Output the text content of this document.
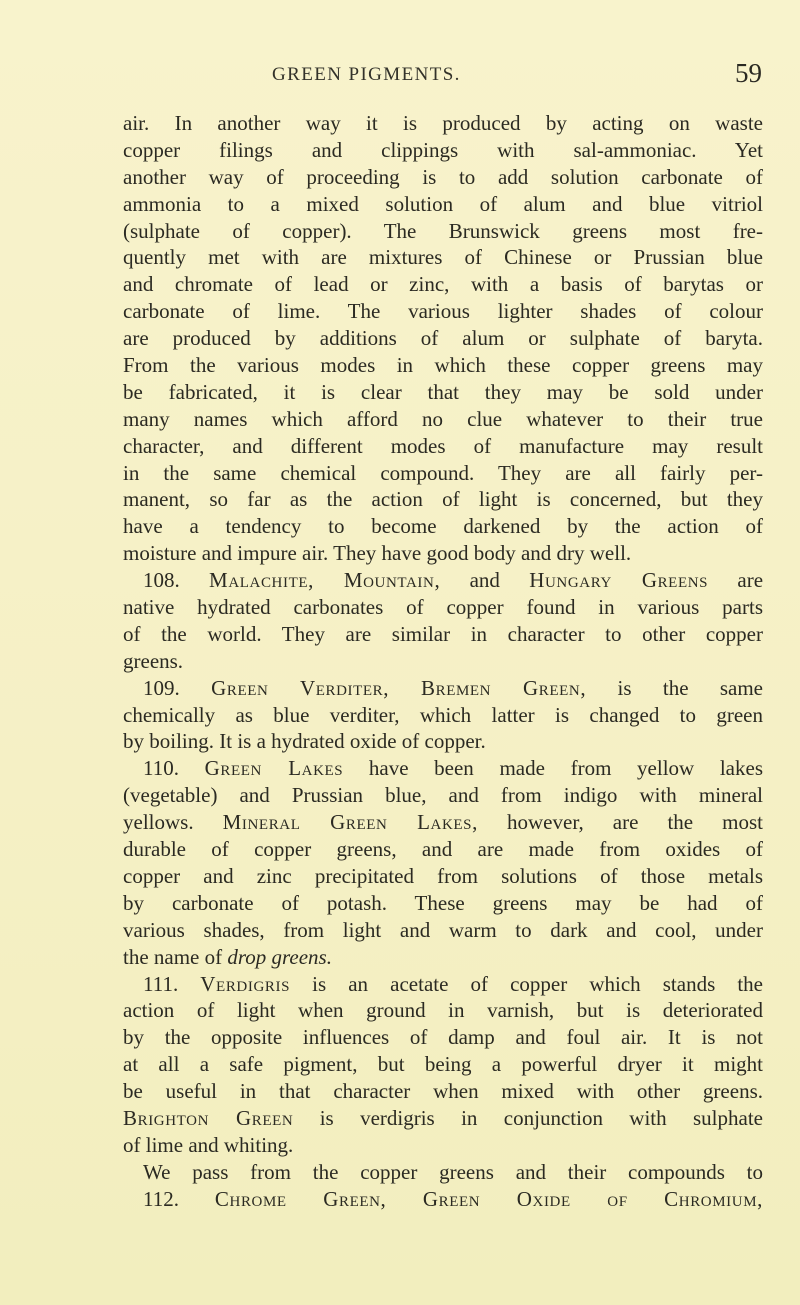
GREEN PIGMENTS.	59
air. In another way it is produced by acting on waste
copper filings and clippings with sal-ammoniac. Yet
another way of proceeding is to add solution carbonate of
ammonia to a mixed solution of alum and blue vitriol
(sulphate of copper). The Brunswick greens most fre-
quently met with are mixtures of Chinese or Prussian blue
and chromate of lead or zinc, with a basis of barytas or
carbonate of lime. The various lighter shades of colour
are produced by additions of alum or sulphate of baryta.
From the various modes in which these copper greens may
be fabricated, it is clear that they may be sold under
many names which afford no clue whatever to their true
character, and different modes of manufacture may result
in the same chemical compound. They are all fairly per-
manent, so far as the action of light is concerned, but they
have a tendency to become darkened by the action of
moisture and impure air. They have good body and dry well.
108. Malachite, Mountain, and Hungary Greens are
native hydrated carbonates of copper found in various parts
of the world. They are similar in character to other copper
greens.
109. Green Verditer, Bremen Green, is the same
chemically as blue verditer, which latter is changed to green
by boiling. It is a hydrated oxide of copper.
110. Green Lakes have been made from yellow lakes
(vegetable) and Prussian blue, and from indigo with mineral
yellows. Mineral Green Lakes, however, are the most
durable of copper greens, and are made from oxides of
copper and zinc precipitated from solutions of those metals
by carbonate of potash. These greens may be had of
various shades, from light and warm to dark and cool, under
the name of drop greens.
111. Verdigris is an acetate of copper which stands the
action of light when ground in varnish, but is deteriorated
by the opposite influences of damp and foul air. It is not
at all a safe pigment, but being a powerful dryer it might
be useful in that character when mixed with other greens.
Brighton Green is verdigris in conjunction with sulphate
of lime and whiting.
We pass from the copper greens and their compounds to
112. Chrome Green, Green Oxide of Chromium,
